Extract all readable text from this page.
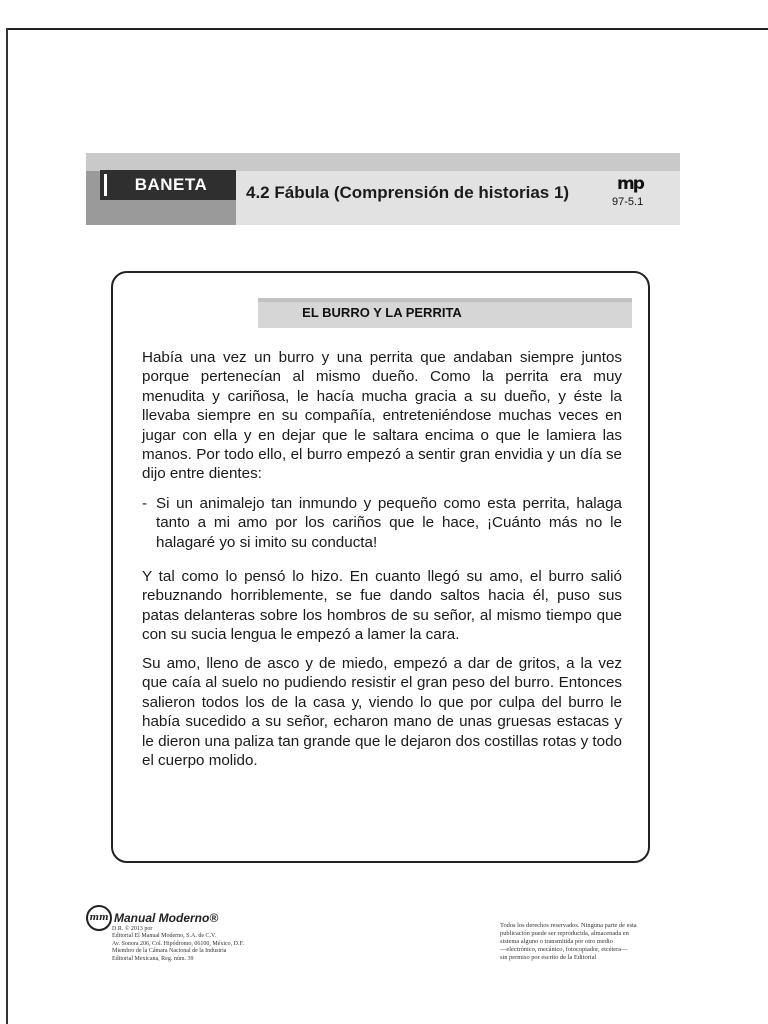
BANETA	4.2 Fábula (Comprensión de historias 1)	mp
97-5.1
EL BURRO Y LA PERRITA

Había una vez un burro y una perrita que andaban siempre juntos porque pertenecían al mismo dueño. Como la perrita era muy menudita y cariñosa, le hacía mucha gracia a su dueño, y éste la llevaba siempre en su compañía, entreteniéndose muchas veces en jugar con ella y en dejar que le saltara encima o que le lamiera las manos. Por todo ello, el burro empezó a sentir gran envidia y un día se dijo entre dientes:

- Si un animalejo tan inmundo y pequeño como esta perrita, halaga tanto a mi amo por los cariños que le hace, ¡Cuánto más no le halagaré yo si imito su conducta!

Y tal como lo pensó lo hizo. En cuanto llegó su amo, el burro salió rebuznando horriblemente, se fue dando saltos hacia él, puso sus patas delanteras sobre los hombros de su señor, al mismo tiempo que con su sucia lengua le empezó a lamer la cara.

Su amo, lleno de asco y de miedo, empezó a dar de gritos, a la vez que caía al suelo no pudiendo resistir el gran peso del burro. Entonces salieron todos los de la casa y, viendo lo que por culpa del burro le había sucedido a su señor, echaron mano de unas gruesas estacas y le dieron una paliza tan grande que le dejaron dos costillas rotas y todo el cuerpo molido.

mm Manual Moderno®
D.R. © 2013 por
Editorial El Manual Moderno, S.A. de C.V.
Av. Sonora 206, Col. Hipódromo, 06100, México, D.F.
Miembro de la Cámara Nacional de la Industria
Editorial Mexicana, Reg. núm. 39
Todos los derechos reservados. Ninguna parte de esta
publicación puede ser reproducida, almacenada en
sistema alguno o transmitida por otro medio
—electrónico, mecánico, fotocopiador, etcétera—
sin permiso por escrito de la Editorial
